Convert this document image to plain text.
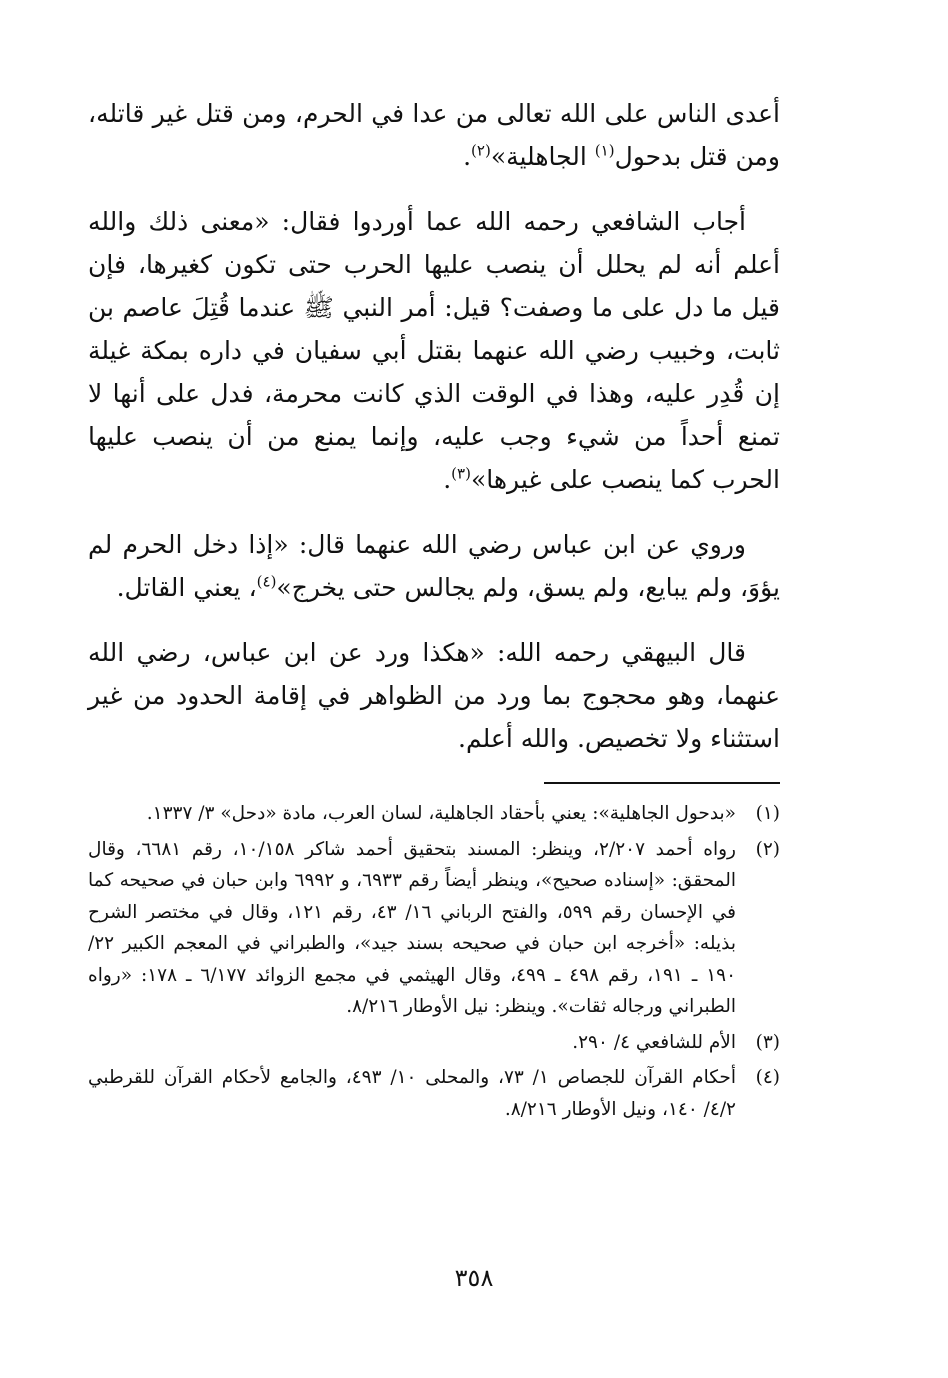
أعدى الناس على الله تعالى من عدا في الحرم، ومن قتل غير قاتله، ومن قتل بدحول$^{(١)}$ الجاهلية»$^{(٢)}$.

أجاب الشافعي رحمه الله عما أوردوا فقال: «معنى ذلك والله أعلم أنه لم يحلل أن ينصب عليها الحرب حتى تكون كغيرها، فإن قيل ما دل على ما وصفت؟ قيل: أمر النبي ﷺ عندما قُتِلَ عاصم بن ثابت، وخبيب رضي الله عنهما بقتل أبي سفيان في داره بمكة غيلة إن قُدِر عليه، وهذا في الوقت الذي كانت محرمة، فدل على أنها لا تمنع أحداً من شيء وجب عليه، وإنما يمنع من أن ينصب عليها الحرب كما ينصب على غيرها»$^{(٣)}$.

وروي عن ابن عباس رضي الله عنهما قال: «إذا دخل الحرم لم يؤوَ، ولم يبايع، ولم يسق، ولم يجالس حتى يخرج»$^{(٤)}$، يعني القاتل.

قال البيهقي رحمه الله: «هكذا ورد عن ابن عباس، رضي الله عنهما، وهو محجوج بما ورد من الظواهر في إقامة الحدود من غير استثناء ولا تخصيص. والله أعلم.

(١)
«بدحول الجاهلية»: يعني بأحقاد الجاهلية، لسان العرب، مادة «دحل» ٣/ ١٣٣٧.
(٢)
رواه أحمد ٢/٢٠٧، وينظر: المسند بتحقيق أحمد شاكر ١٠/١٥٨، رقم ٦٦٨١، وقال المحقق: «إسناده صحيح»، وينظر أيضاً رقم ٦٩٣٣، و ٦٩٩٢ وابن حبان في صحيحه كما في الإحسان رقم ٥٩٩، والفتح الرباني ١٦/ ٤٣، رقم ١٢١، وقال في مختصر الشرح بذيله: «أخرجه ابن حبان في صحيحه بسند جيد»، والطبراني في المعجم الكبير ٢٢/ ١٩٠ ـ ١٩١، رقم ٤٩٨ ـ ٤٩٩، وقال الهيثمي في مجمع الزوائد ٦/١٧٧ ـ ١٧٨: «رواه الطبراني ورجاله ثقات». وينظر: نيل الأوطار ٨/٢١٦.
(٣)
الأم للشافعي ٤/ ٢٩٠.
(٤)
أحكام القرآن للجصاص ١/ ٧٣، والمحلى ١٠/ ٤٩٣، والجامع لأحكام القرآن للقرطبي ٤/٢/ ١٤٠، ونيل الأوطار ٨/٢١٦.
٣٥٨
